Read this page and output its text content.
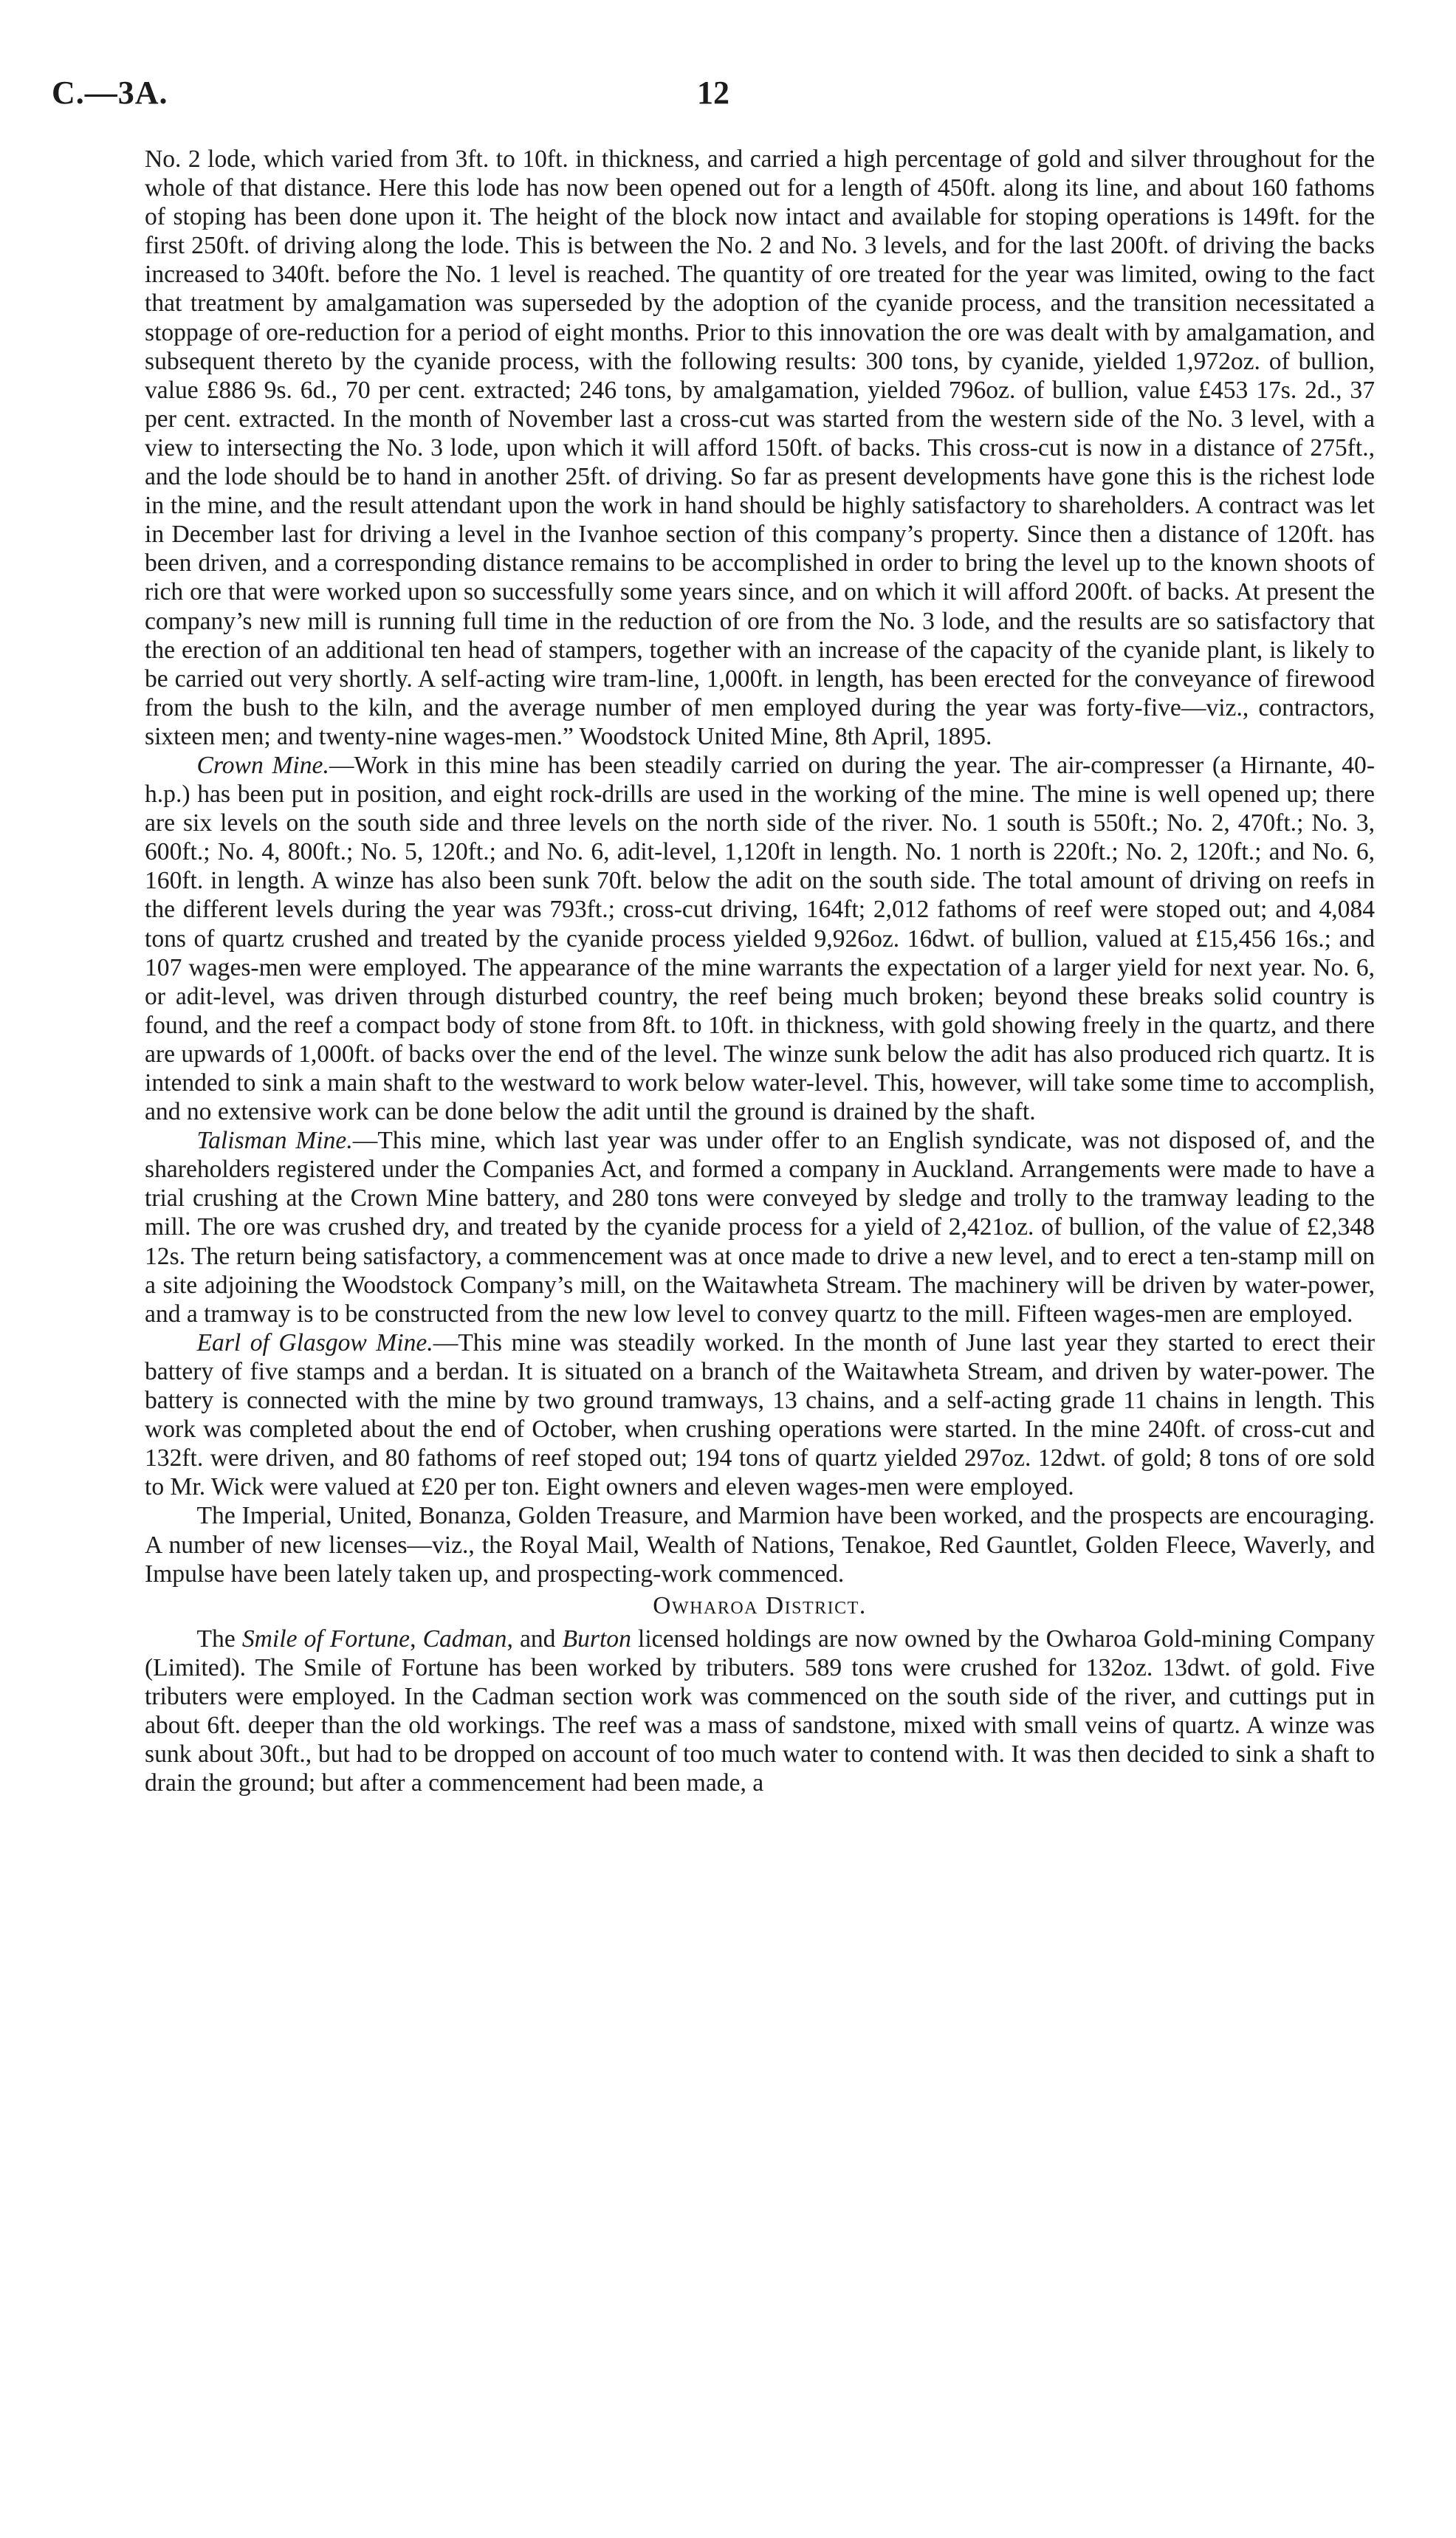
C.—3A.	12

No. 2 lode, which varied from 3ft. to 10ft. in thickness, and carried a high percentage of gold and silver throughout for the whole of that distance. Here this lode has now been opened out for a length of 450ft. along its line, and about 160 fathoms of stoping has been done upon it. The height of the block now intact and available for stoping operations is 149ft. for the first 250ft. of driving along the lode. This is between the No. 2 and No. 3 levels, and for the last 200ft. of driving the backs increased to 340ft. before the No. 1 level is reached. The quantity of ore treated for the year was limited, owing to the fact that treatment by amalgamation was superseded by the adoption of the cyanide process, and the transition necessitated a stoppage of ore-reduction for a period of eight months. Prior to this innovation the ore was dealt with by amalgamation, and subsequent thereto by the cyanide process, with the following results: 300 tons, by cyanide, yielded 1,972oz. of bullion, value £886 9s. 6d., 70 per cent. extracted; 246 tons, by amalgamation, yielded 796oz. of bullion, value £453 17s. 2d., 37 per cent. extracted. In the month of November last a cross-cut was started from the western side of the No. 3 level, with a view to intersecting the No. 3 lode, upon which it will afford 150ft. of backs. This cross-cut is now in a distance of 275ft., and the lode should be to hand in another 25ft. of driving. So far as present developments have gone this is the richest lode in the mine, and the result attendant upon the work in hand should be highly satisfactory to shareholders. A contract was let in December last for driving a level in the Ivanhoe section of this company’s property. Since then a distance of 120ft. has been driven, and a corresponding distance remains to be accomplished in order to bring the level up to the known shoots of rich ore that were worked upon so successfully some years since, and on which it will afford 200ft. of backs. At present the company’s new mill is running full time in the reduction of ore from the No. 3 lode, and the results are so satisfactory that the erection of an additional ten head of stampers, together with an increase of the capacity of the cyanide plant, is likely to be carried out very shortly. A self-acting wire tram-line, 1,000ft. in length, has been erected for the conveyance of firewood from the bush to the kiln, and the average number of men employed during the year was forty-five—viz., contractors, sixteen men; and twenty-nine wages-men.” Woodstock United Mine, 8th April, 1895.

Crown Mine.—Work in this mine has been steadily carried on during the year. The air-compresser (a Hirnante, 40-h.p.) has been put in position, and eight rock-drills are used in the working of the mine. The mine is well opened up; there are six levels on the south side and three levels on the north side of the river. No. 1 south is 550ft.; No. 2, 470ft.; No. 3, 600ft.; No. 4, 800ft.; No. 5, 120ft.; and No. 6, adit-level, 1,120ft in length. No. 1 north is 220ft.; No. 2, 120ft.; and No. 6, 160ft. in length. A winze has also been sunk 70ft. below the adit on the south side. The total amount of driving on reefs in the different levels during the year was 793ft.; cross-cut driving, 164ft; 2,012 fathoms of reef were stoped out; and 4,084 tons of quartz crushed and treated by the cyanide process yielded 9,926oz. 16dwt. of bullion, valued at £15,456 16s.; and 107 wages-men were employed. The appearance of the mine warrants the expectation of a larger yield for next year. No. 6, or adit-level, was driven through disturbed country, the reef being much broken; beyond these breaks solid country is found, and the reef a compact body of stone from 8ft. to 10ft. in thickness, with gold showing freely in the quartz, and there are upwards of 1,000ft. of backs over the end of the level. The winze sunk below the adit has also produced rich quartz. It is intended to sink a main shaft to the westward to work below water-level. This, however, will take some time to accomplish, and no extensive work can be done below the adit until the ground is drained by the shaft.

Talisman Mine.—This mine, which last year was under offer to an English syndicate, was not disposed of, and the shareholders registered under the Companies Act, and formed a company in Auckland. Arrangements were made to have a trial crushing at the Crown Mine battery, and 280 tons were conveyed by sledge and trolly to the tramway leading to the mill. The ore was crushed dry, and treated by the cyanide process for a yield of 2,421oz. of bullion, of the value of £2,348 12s. The return being satisfactory, a commencement was at once made to drive a new level, and to erect a ten-stamp mill on a site adjoining the Woodstock Company’s mill, on the Waitawheta Stream. The machinery will be driven by water-power, and a tramway is to be constructed from the new low level to convey quartz to the mill. Fifteen wages-men are employed.

Earl of Glasgow Mine.—This mine was steadily worked. In the month of June last year they started to erect their battery of five stamps and a berdan. It is situated on a branch of the Waitawheta Stream, and driven by water-power. The battery is connected with the mine by two ground tramways, 13 chains, and a self-acting grade 11 chains in length. This work was completed about the end of October, when crushing operations were started. In the mine 240ft. of cross-cut and 132ft. were driven, and 80 fathoms of reef stoped out; 194 tons of quartz yielded 297oz. 12dwt. of gold; 8 tons of ore sold to Mr. Wick were valued at £20 per ton. Eight owners and eleven wages-men were employed.

The Imperial, United, Bonanza, Golden Treasure, and Marmion have been worked, and the prospects are encouraging. A number of new licenses—viz., the Royal Mail, Wealth of Nations, Tenakoe, Red Gauntlet, Golden Fleece, Waverly, and Impulse have been lately taken up, and prospecting-work commenced.

Owharoa District.

The Smile of Fortune, Cadman, and Burton licensed holdings are now owned by the Owharoa Gold-mining Company (Limited). The Smile of Fortune has been worked by tributers. 589 tons were crushed for 132oz. 13dwt. of gold. Five tributers were employed. In the Cadman section work was commenced on the south side of the river, and cuttings put in about 6ft. deeper than the old workings. The reef was a mass of sandstone, mixed with small veins of quartz. A winze was sunk about 30ft., but had to be dropped on account of too much water to contend with. It was then decided to sink a shaft to drain the ground; but after a commencement had been made, a
